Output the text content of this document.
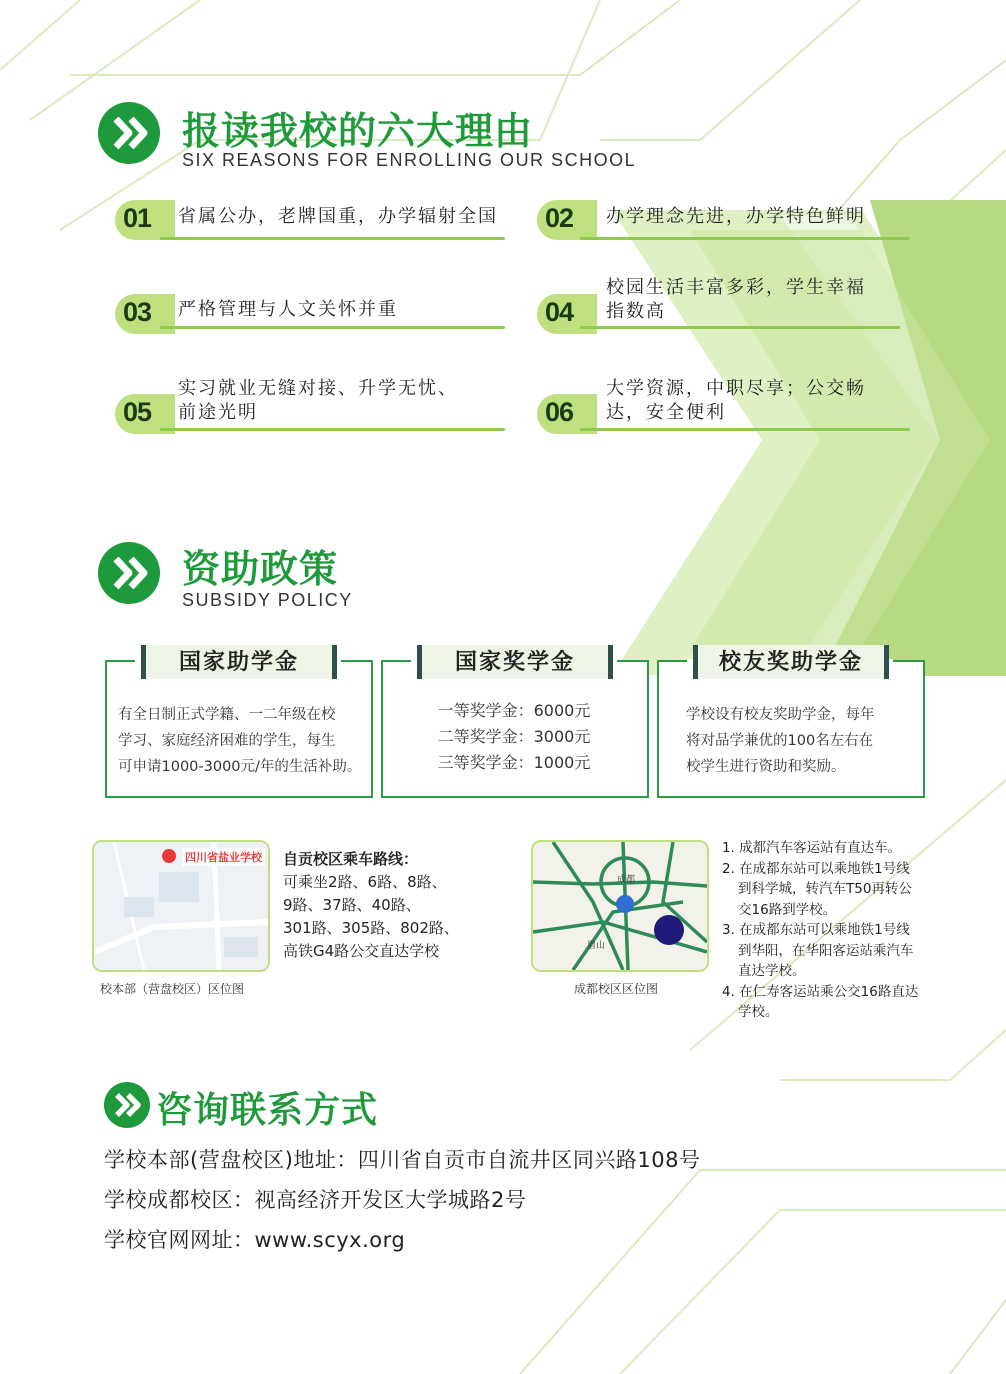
报读我校的六大理由
SIX REASONS FOR ENROLLING OUR SCHOOL
01 省属公办，老牌国重，办学辐射全国 02 办学理念先进，办学特色鲜明
03 严格管理与人文关怀并重	04
校园生活丰富多彩，学生幸福
指数高
05
实习就业无缝对接、升学无忧、
前途光明	06
大学资源，中职尽享；公交畅
达，安全便利
资助政策
SUBSIDY POLICY
国家助学金
有全日制正式学籍、一二年级在校
学习、家庭经济困难的学生，每生
可申请1000-3000元/年的生活补助。
国家奖学金
一等奖学金：6000元
二等奖学金：3000元
三等奖学金：1000元
校友奖助学金
学校设有校友奖助学金，每年
将对品学兼优的100名左右在
校学生进行资助和奖励。
四川省盐业学校
校本部（营盘校区）区位图
自贡校区乘车路线：
可乘坐2路、6路、8路、
9路、37路、40路、
301路、305路、802路、
高铁G4路公交直达学校
成都
眉山
成都校区区位图
1. 成都汽车客运站有直达车。
2. 在成都东站可以乘地铁1号线
到科学城，转汽车T50再转公
交16路到学校。
3. 在成都东站可以乘地铁1号线
到华阳，在华阳客运站乘汽车
直达学校。
4. 在仁寿客运站乘公交16路直达
学校。
咨询联系方式
学校本部(营盘校区)地址：四川省自贡市自流井区同兴路108号
学校成都校区：视高经济开发区大学城路2号
学校官网网址：www.scyx.org
